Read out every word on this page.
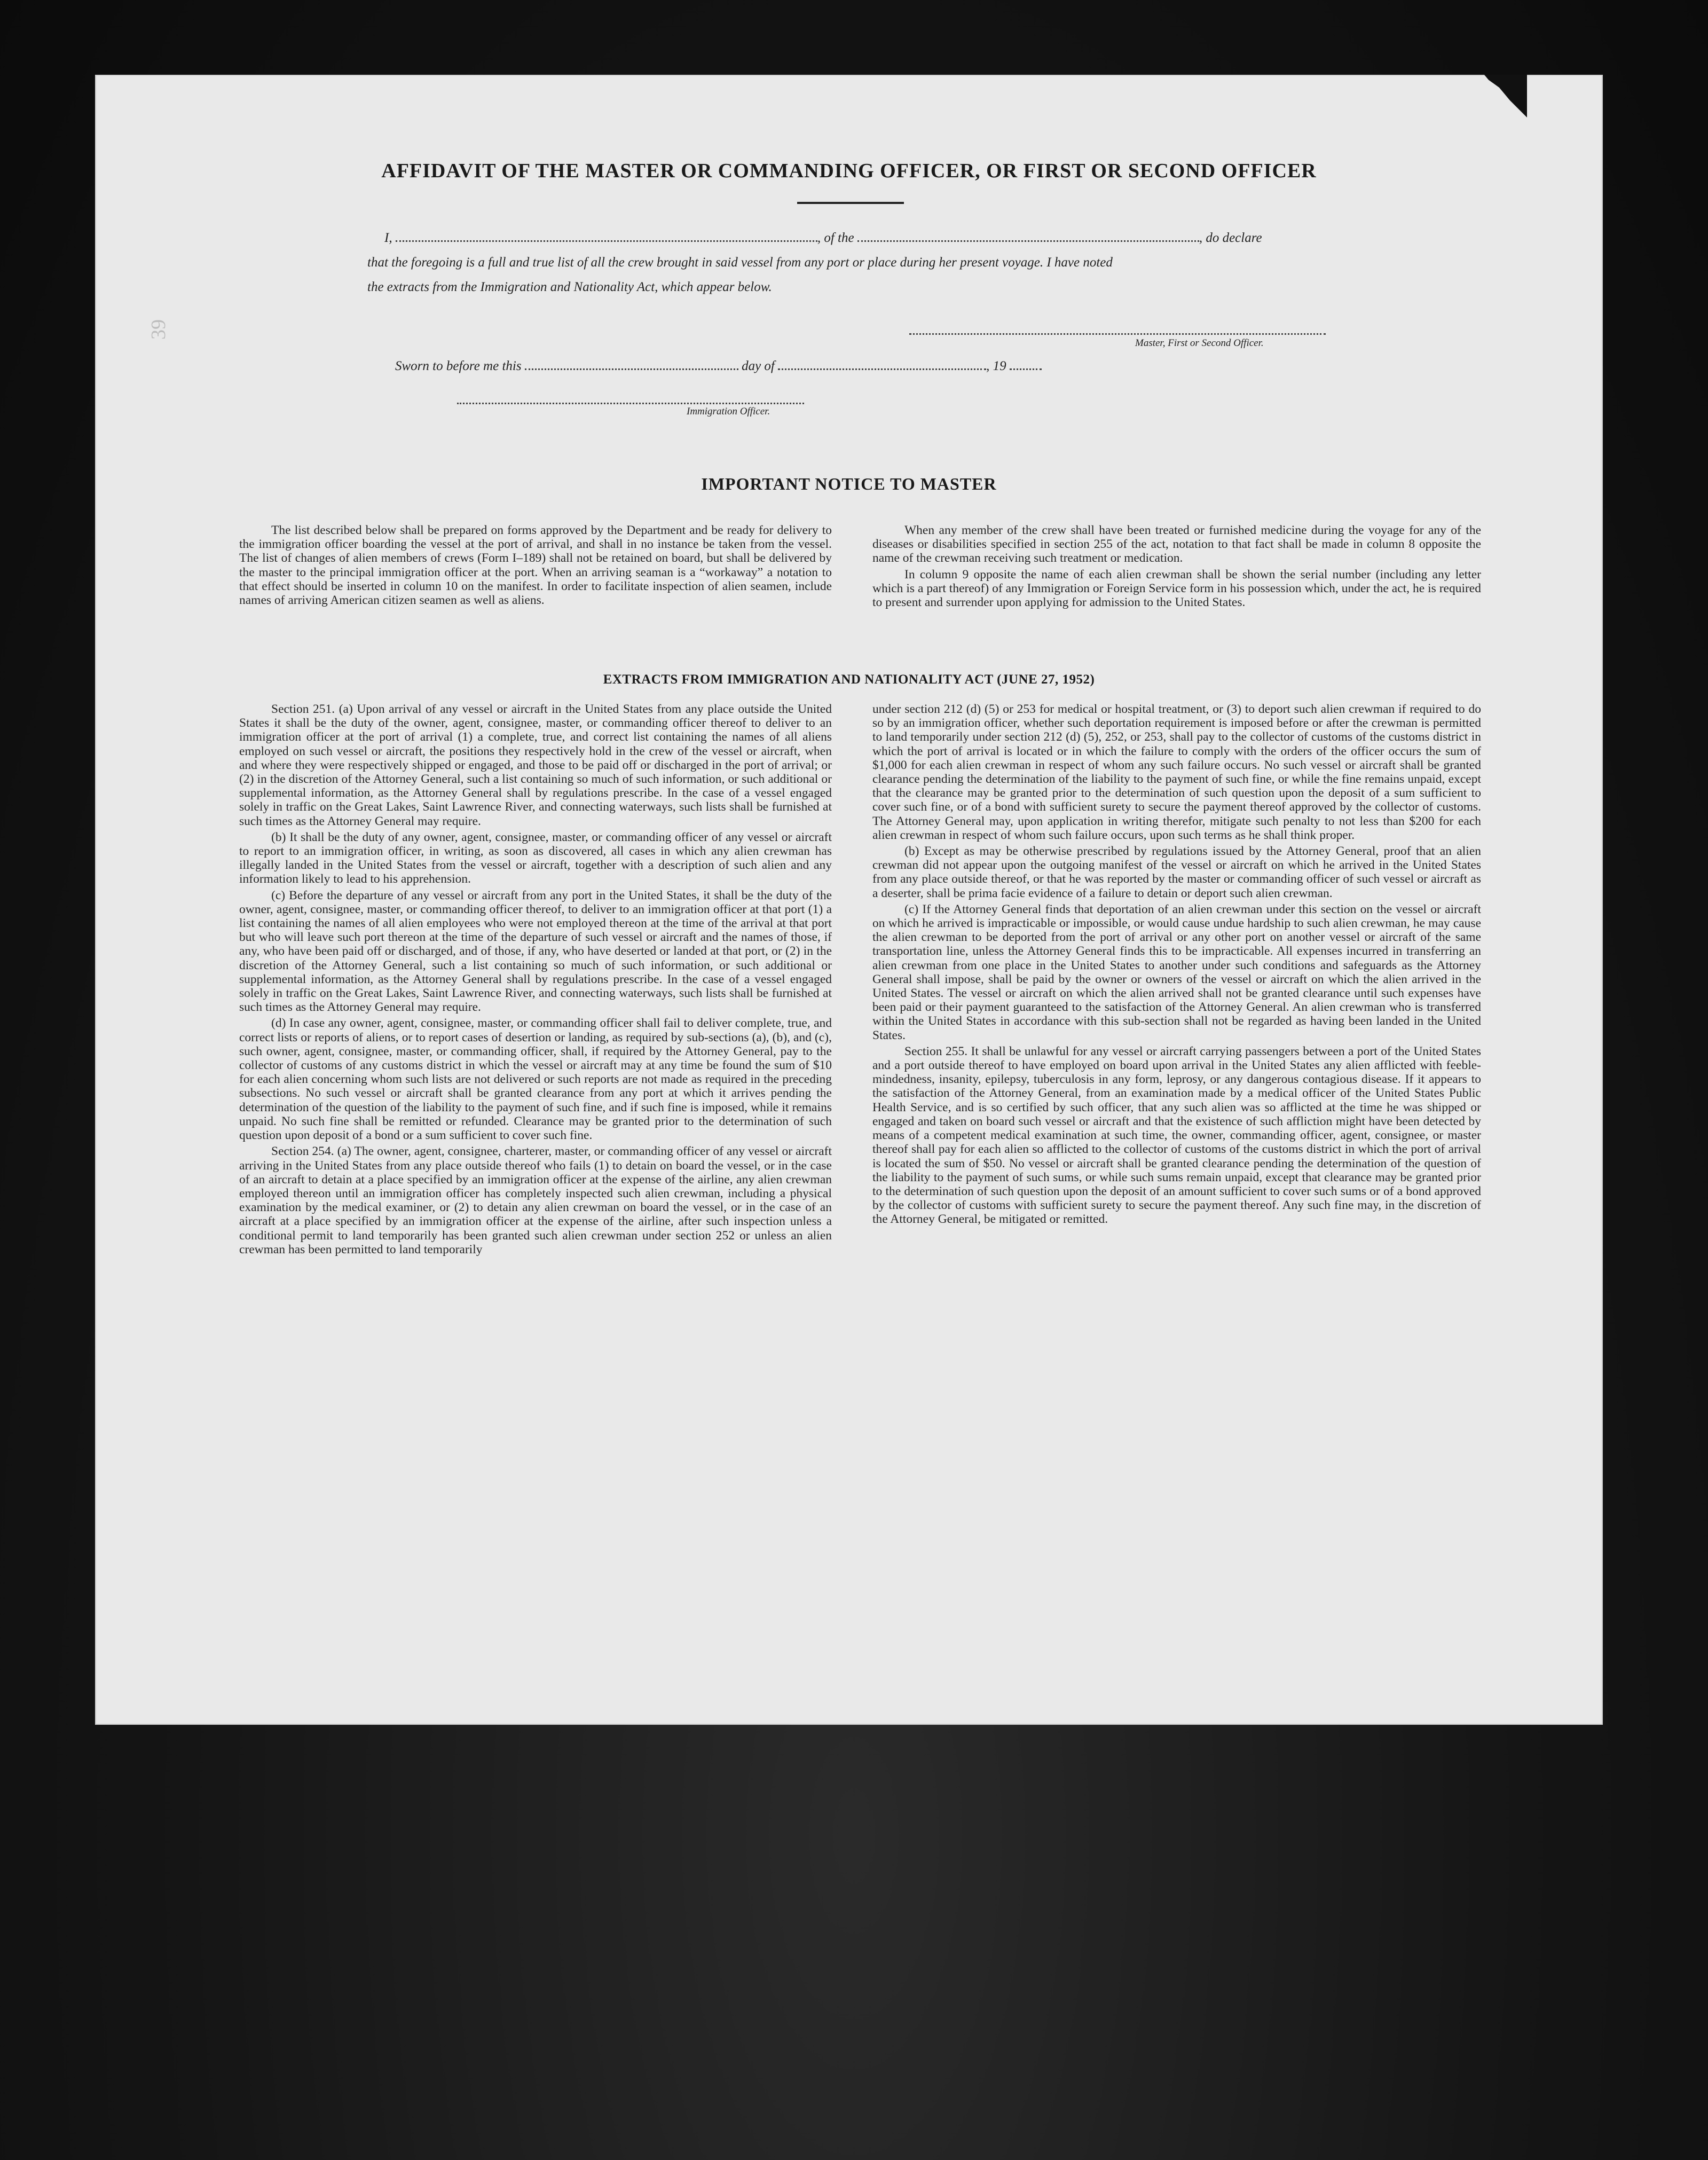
AFFIDAVIT OF THE MASTER OR COMMANDING OFFICER, OR FIRST OR SECOND OFFICER
I,	, of the	, do declare
that the foregoing is a full and true list of all the crew brought in said vessel from any port or place during her present voyage. I have noted
the extracts from the Immigration and Nationality Act, which appear below.
Master, First or Second Officer.
Sworn to before me this	day of	, 19
Immigration Officer.
IMPORTANT NOTICE TO MASTER

The list described below shall be prepared on forms approved by the Department and be ready for delivery to the immigration officer boarding the vessel at the port of arrival, and shall in no instance be taken from the vessel. The list of changes of alien members of crews (Form I–189) shall not be retained on board, but shall be delivered by the master to the principal immigration officer at the port. When an arriving seaman is a “workaway” a notation to that effect should be inserted in column 10 on the manifest. In order to facilitate inspection of alien seamen, include names of arriving American citizen seamen as well as aliens.

When any member of the crew shall have been treated or furnished medicine during the voyage for any of the diseases or disabilities specified in section 255 of the act, notation to that fact shall be made in column 8 opposite the name of the crewman receiving such treatment or medication.

In column 9 opposite the name of each alien crewman shall be shown the serial number (including any letter which is a part thereof) of any Immigration or Foreign Service form in his possession which, under the act, he is required to present and surrender upon applying for admission to the United States.

EXTRACTS FROM IMMIGRATION AND NATIONALITY ACT (JUNE 27, 1952)

Section 251. (a) Upon arrival of any vessel or aircraft in the United States from any place outside the United States it shall be the duty of the owner, agent, consignee, master, or commanding officer thereof to deliver to an immigration officer at the port of arrival (1) a complete, true, and correct list containing the names of all aliens employed on such vessel or aircraft, the positions they respectively hold in the crew of the vessel or aircraft, when and where they were respectively shipped or engaged, and those to be paid off or discharged in the port of arrival; or (2) in the discretion of the Attorney General, such a list containing so much of such information, or such additional or supplemental information, as the Attorney General shall by regulations prescribe. In the case of a vessel engaged solely in traffic on the Great Lakes, Saint Lawrence River, and connecting waterways, such lists shall be furnished at such times as the Attorney General may require.

(b) It shall be the duty of any owner, agent, consignee, master, or commanding officer of any vessel or aircraft to report to an immigration officer, in writing, as soon as discovered, all cases in which any alien crewman has illegally landed in the United States from the vessel or aircraft, together with a description of such alien and any information likely to lead to his apprehension.

(c) Before the departure of any vessel or aircraft from any port in the United States, it shall be the duty of the owner, agent, consignee, master, or commanding officer thereof, to deliver to an immigration officer at that port (1) a list containing the names of all alien employees who were not employed thereon at the time of the arrival at that port but who will leave such port thereon at the time of the departure of such vessel or aircraft and the names of those, if any, who have been paid off or discharged, and of those, if any, who have deserted or landed at that port, or (2) in the discretion of the Attorney General, such a list containing so much of such information, or such additional or supplemental information, as the Attorney General shall by regulations prescribe. In the case of a vessel engaged solely in traffic on the Great Lakes, Saint Lawrence River, and connecting waterways, such lists shall be furnished at such times as the Attorney General may require.

(d) In case any owner, agent, consignee, master, or commanding officer shall fail to deliver complete, true, and correct lists or reports of aliens, or to report cases of desertion or landing, as required by sub-sections (a), (b), and (c), such owner, agent, consignee, master, or commanding officer, shall, if required by the Attorney General, pay to the collector of customs of any customs district in which the vessel or aircraft may at any time be found the sum of $10 for each alien concerning whom such lists are not delivered or such reports are not made as required in the preceding subsections. No such vessel or aircraft shall be granted clearance from any port at which it arrives pending the determination of the question of the liability to the payment of such fine, and if such fine is imposed, while it remains unpaid. No such fine shall be remitted or refunded. Clearance may be granted prior to the determination of such question upon deposit of a bond or a sum sufficient to cover such fine.

Section 254. (a) The owner, agent, consignee, charterer, master, or commanding officer of any vessel or aircraft arriving in the United States from any place outside thereof who fails (1) to detain on board the vessel, or in the case of an aircraft to detain at a place specified by an immigration officer at the expense of the airline, any alien crewman employed thereon until an immigration officer has completely inspected such alien crewman, including a physical examination by the medical examiner, or (2) to detain any alien crewman on board the vessel, or in the case of an aircraft at a place specified by an immigration officer at the expense of the airline, after such inspection unless a conditional permit to land temporarily has been granted such alien crewman under section 252 or unless an alien crewman has been permitted to land temporarily

under section 212 (d) (5) or 253 for medical or hospital treatment, or (3) to deport such alien crewman if required to do so by an immigration officer, whether such deportation requirement is imposed before or after the crewman is permitted to land temporarily under section 212 (d) (5), 252, or 253, shall pay to the collector of customs of the customs district in which the port of arrival is located or in which the failure to comply with the orders of the officer occurs the sum of $1,000 for each alien crewman in respect of whom any such failure occurs. No such vessel or aircraft shall be granted clearance pending the determination of the liability to the payment of such fine, or while the fine remains unpaid, except that the clearance may be granted prior to the determination of such question upon the deposit of a sum sufficient to cover such fine, or of a bond with sufficient surety to secure the payment thereof approved by the collector of customs. The Attorney General may, upon application in writing therefor, mitigate such penalty to not less than $200 for each alien crewman in respect of whom such failure occurs, upon such terms as he shall think proper.

(b) Except as may be otherwise prescribed by regulations issued by the Attorney General, proof that an alien crewman did not appear upon the outgoing manifest of the vessel or aircraft on which he arrived in the United States from any place outside thereof, or that he was reported by the master or commanding officer of such vessel or aircraft as a deserter, shall be prima facie evidence of a failure to detain or deport such alien crewman.

(c) If the Attorney General finds that deportation of an alien crewman under this section on the vessel or aircraft on which he arrived is impracticable or impossible, or would cause undue hardship to such alien crewman, he may cause the alien crewman to be deported from the port of arrival or any other port on another vessel or aircraft of the same transportation line, unless the Attorney General finds this to be impracticable. All expenses incurred in transferring an alien crewman from one place in the United States to another under such conditions and safeguards as the Attorney General shall impose, shall be paid by the owner or owners of the vessel or aircraft on which the alien arrived in the United States. The vessel or aircraft on which the alien arrived shall not be granted clearance until such expenses have been paid or their payment guaranteed to the satisfaction of the Attorney General. An alien crewman who is transferred within the United States in accordance with this sub-section shall not be regarded as having been landed in the United States.

Section 255. It shall be unlawful for any vessel or aircraft carrying passengers between a port of the United States and a port outside thereof to have employed on board upon arrival in the United States any alien afflicted with feeble-mindedness, insanity, epilepsy, tuberculosis in any form, leprosy, or any dangerous contagious disease. If it appears to the satisfaction of the Attorney General, from an examination made by a medical officer of the United States Public Health Service, and is so certified by such officer, that any such alien was so afflicted at the time he was shipped or engaged and taken on board such vessel or aircraft and that the existence of such affliction might have been detected by means of a competent medical examination at such time, the owner, commanding officer, agent, consignee, or master thereof shall pay for each alien so afflicted to the collector of customs of the customs district in which the port of arrival is located the sum of $50. No vessel or aircraft shall be granted clearance pending the determination of the question of the liability to the payment of such sums, or while such sums remain unpaid, except that clearance may be granted prior to the determination of such question upon the deposit of an amount sufficient to cover such sums or of a bond approved by the collector of customs with sufficient surety to secure the payment thereof. Any such fine may, in the discretion of the Attorney General, be mitigated or remitted.

39
